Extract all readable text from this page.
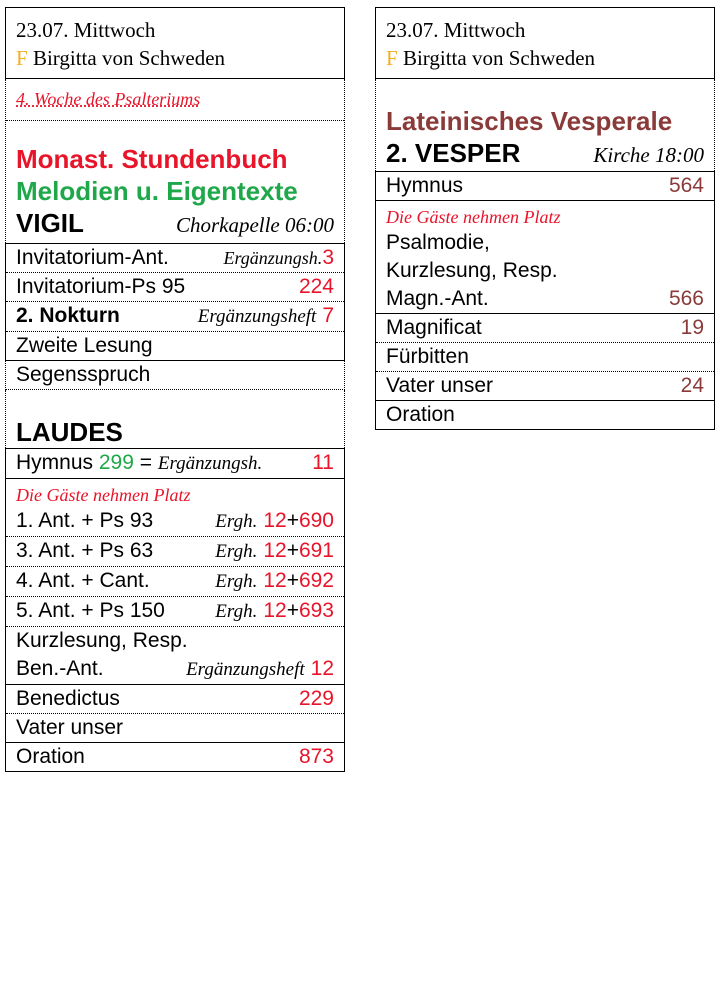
23.07. Mittwoch
F Birgitta von Schweden
4. Woche des Psalteriums
Monast. Stundenbuch
Melodien u. Eigentexte
VIGIL	Chorkapelle 06:00
Invitatorium-Ant.	Ergänzungsh. 3
Invitatorium-Ps 95	224
2. Nokturn	Ergänzungsheft 7
Zweite Lesung
Segensspruch
LAUDES
Hymnus 299 = Ergänzungsh. 11
Die Gäste nehmen Platz
1. Ant. + Ps 93	Ergh. 12+690
3. Ant. + Ps 63	Ergh. 12+691
4. Ant. + Cant.	Ergh. 12+692
5. Ant. + Ps 150	Ergh. 12+693
Kurzlesung, Resp.
Ben.-Ant.	Ergänzungsheft 12
Benedictus	229
Vater unser
Oration	873
23.07. Mittwoch
F Birgitta von Schweden
Lateinisches Vesperale
2. VESPER	Kirche 18:00
Hymnus	564
Die Gäste nehmen Platz
Psalmodie,
Kurzlesung, Resp.
Magn.-Ant.	566
Magnificat	19
Fürbitten
Vater unser	24
Oration
